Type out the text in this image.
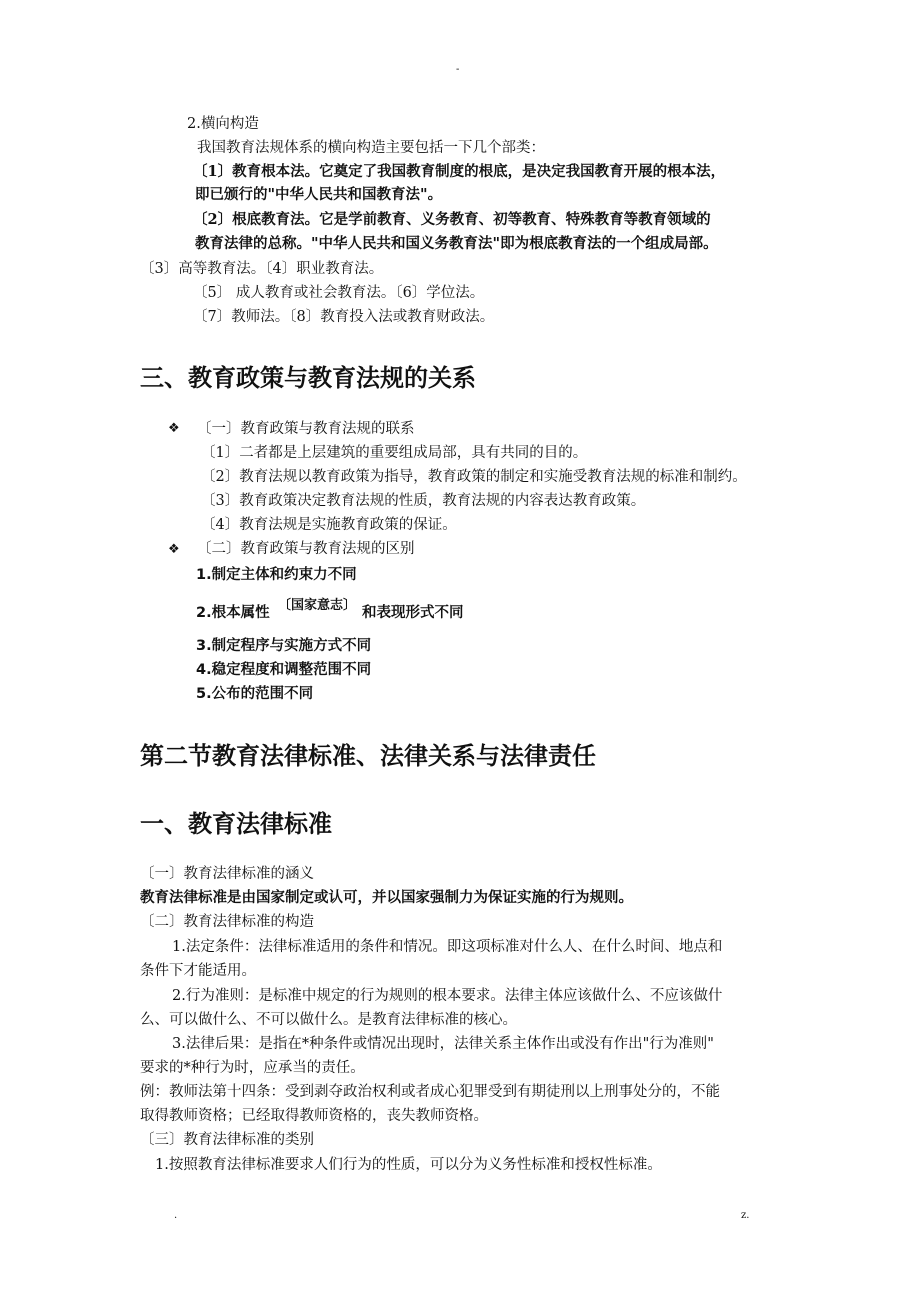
-
2.横向构造
我国教育法规体系的横向构造主要包括一下几个部类：
〔1〕教育根本法。它奠定了我国教育制度的根底，是决定我国教育开展的根本法，
即已颁行的"中华人民共和国教育法"。
〔2〕根底教育法。它是学前教育、义务教育、初等教育、特殊教育等教育领域的
教育法律的总称。"中华人民共和国义务教育法"即为根底教育法的一个组成局部。
〔3〕高等教育法。〔4〕职业教育法。
〔5〕 成人教育或社会教育法。〔6〕学位法。
〔7〕教师法。〔8〕教育投入法或教育财政法。
三、教育政策与教育法规的关系
❖ 〔一〕教育政策与教育法规的联系
〔1〕二者都是上层建筑的重要组成局部，具有共同的目的。
〔2〕教育法规以教育政策为指导，教育政策的制定和实施受教育法规的标准和制约。
〔3〕教育政策决定教育法规的性质，教育法规的内容表达教育政策。
〔4〕教育法规是实施教育政策的保证。
❖ 〔二〕教育政策与教育法规的区别
1.制定主体和约束力不同
2.根本属性 〔国家意志〕 和表现形式不同
3.制定程序与实施方式不同
4.稳定程度和调整范围不同
5.公布的范围不同
第二节教育法律标准、法律关系与法律责任
一、教育法律标准
〔一〕教育法律标准的涵义
教育法律标准是由国家制定或认可，并以国家强制力为保证实施的行为规则。
〔二〕教育法律标准的构造
1.法定条件：法律标准适用的条件和情况。即这项标准对什么人、在什么时间、地点和
条件下才能适用。
2.行为准则：是标准中规定的行为规则的根本要求。法律主体应该做什么、不应该做什
么、可以做什么、不可以做什么。是教育法律标准的核心。
3.法律后果：是指在*种条件或情况出现时，法律关系主体作出或没有作出"行为准则"
要求的*种行为时，应承当的责任。
例：教师法第十四条：受到剥夺政治权利或者成心犯罪受到有期徒刑以上刑事处分的，不能
取得教师资格；已经取得教师资格的，丧失教师资格。
〔三〕教育法律标准的类别
1.按照教育法律标准要求人们行为的性质，可以分为义务性标准和授权性标准。
.	z.
